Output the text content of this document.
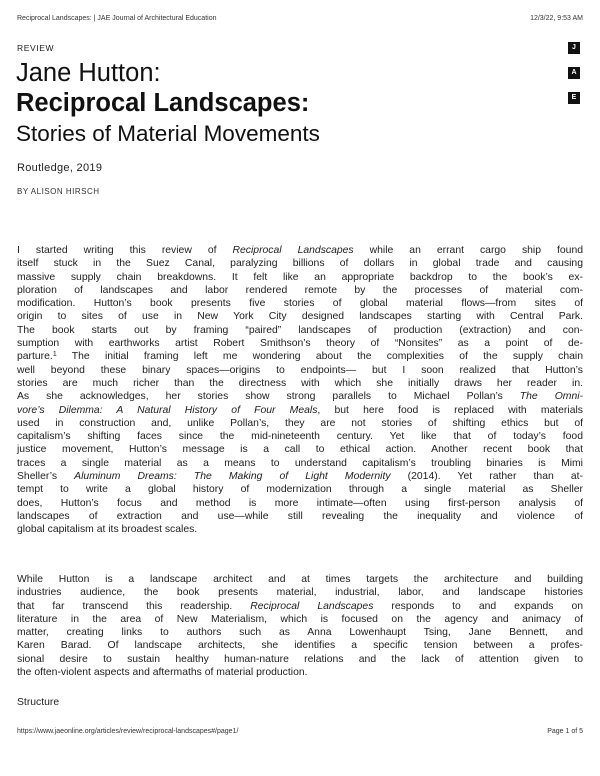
Reciprocal Landscapes: | JAE Journal of Architectural Education	12/3/22, 9:53 AM
J
A
E
REVIEW
Jane Hutton:
Reciprocal Landscapes:
Stories of Material Movements
Routledge, 2019
BY ALISON HIRSCH
I started writing this review of Reciprocal Landscapes while an errant cargo ship found
itself stuck in the Suez Canal, paralyzing billions of dollars in global trade and causing
massive supply chain breakdowns. It felt like an appropriate backdrop to the book’s ex-
ploration of landscapes and labor rendered remote by the processes of material com-
modification. Hutton’s book presents five stories of global material flows—from sites of
origin to sites of use in New York City designed landscapes starting with Central Park.
The book starts out by framing “paired” landscapes of production (extraction) and con-
sumption with earthworks artist Robert Smithson’s theory of “Nonsites” as a point of de-
parture.$^1$ The initial framing left me wondering about the complexities of the supply chain
well beyond these binary spaces—origins to endpoints— but I soon realized that Hutton’s
stories are much richer than the directness with which she initially draws her reader in.
As she acknowledges, her stories show strong parallels to Michael Pollan’s The Omni-
vore’s Dilemma: A Natural History of Four Meals, but here food is replaced with materials
used in construction and, unlike Pollan’s, they are not stories of shifting ethics but of
capitalism’s shifting faces since the mid-nineteenth century. Yet like that of today’s food
justice movement, Hutton’s message is a call to ethical action. Another recent book that
traces a single material as a means to understand capitalism’s troubling binaries is Mimi
Sheller’s Aluminum Dreams: The Making of Light Modernity (2014). Yet rather than at-
tempt to write a global history of modernization through a single material as Sheller
does, Hutton’s focus and method is more intimate—often using first-person analysis of
landscapes of extraction and use—while still revealing the inequality and violence of
global capitalism at its broadest scales.
While Hutton is a landscape architect and at times targets the architecture and building
industries audience, the book presents material, industrial, labor, and landscape histories
that far transcend this readership. Reciprocal Landscapes responds to and expands on
literature in the area of New Materialism, which is focused on the agency and animacy of
matter, creating links to authors such as Anna Lowenhaupt Tsing, Jane Bennett, and
Karen Barad. Of landscape architects, she identifies a specific tension between a profes-
sional desire to sustain healthy human-nature relations and the lack of attention given to
the often-violent aspects and aftermaths of material production.
Structure
https://www.jaeonline.org/articles/review/reciprocal-landscapes#/page1/	Page 1 of 5
